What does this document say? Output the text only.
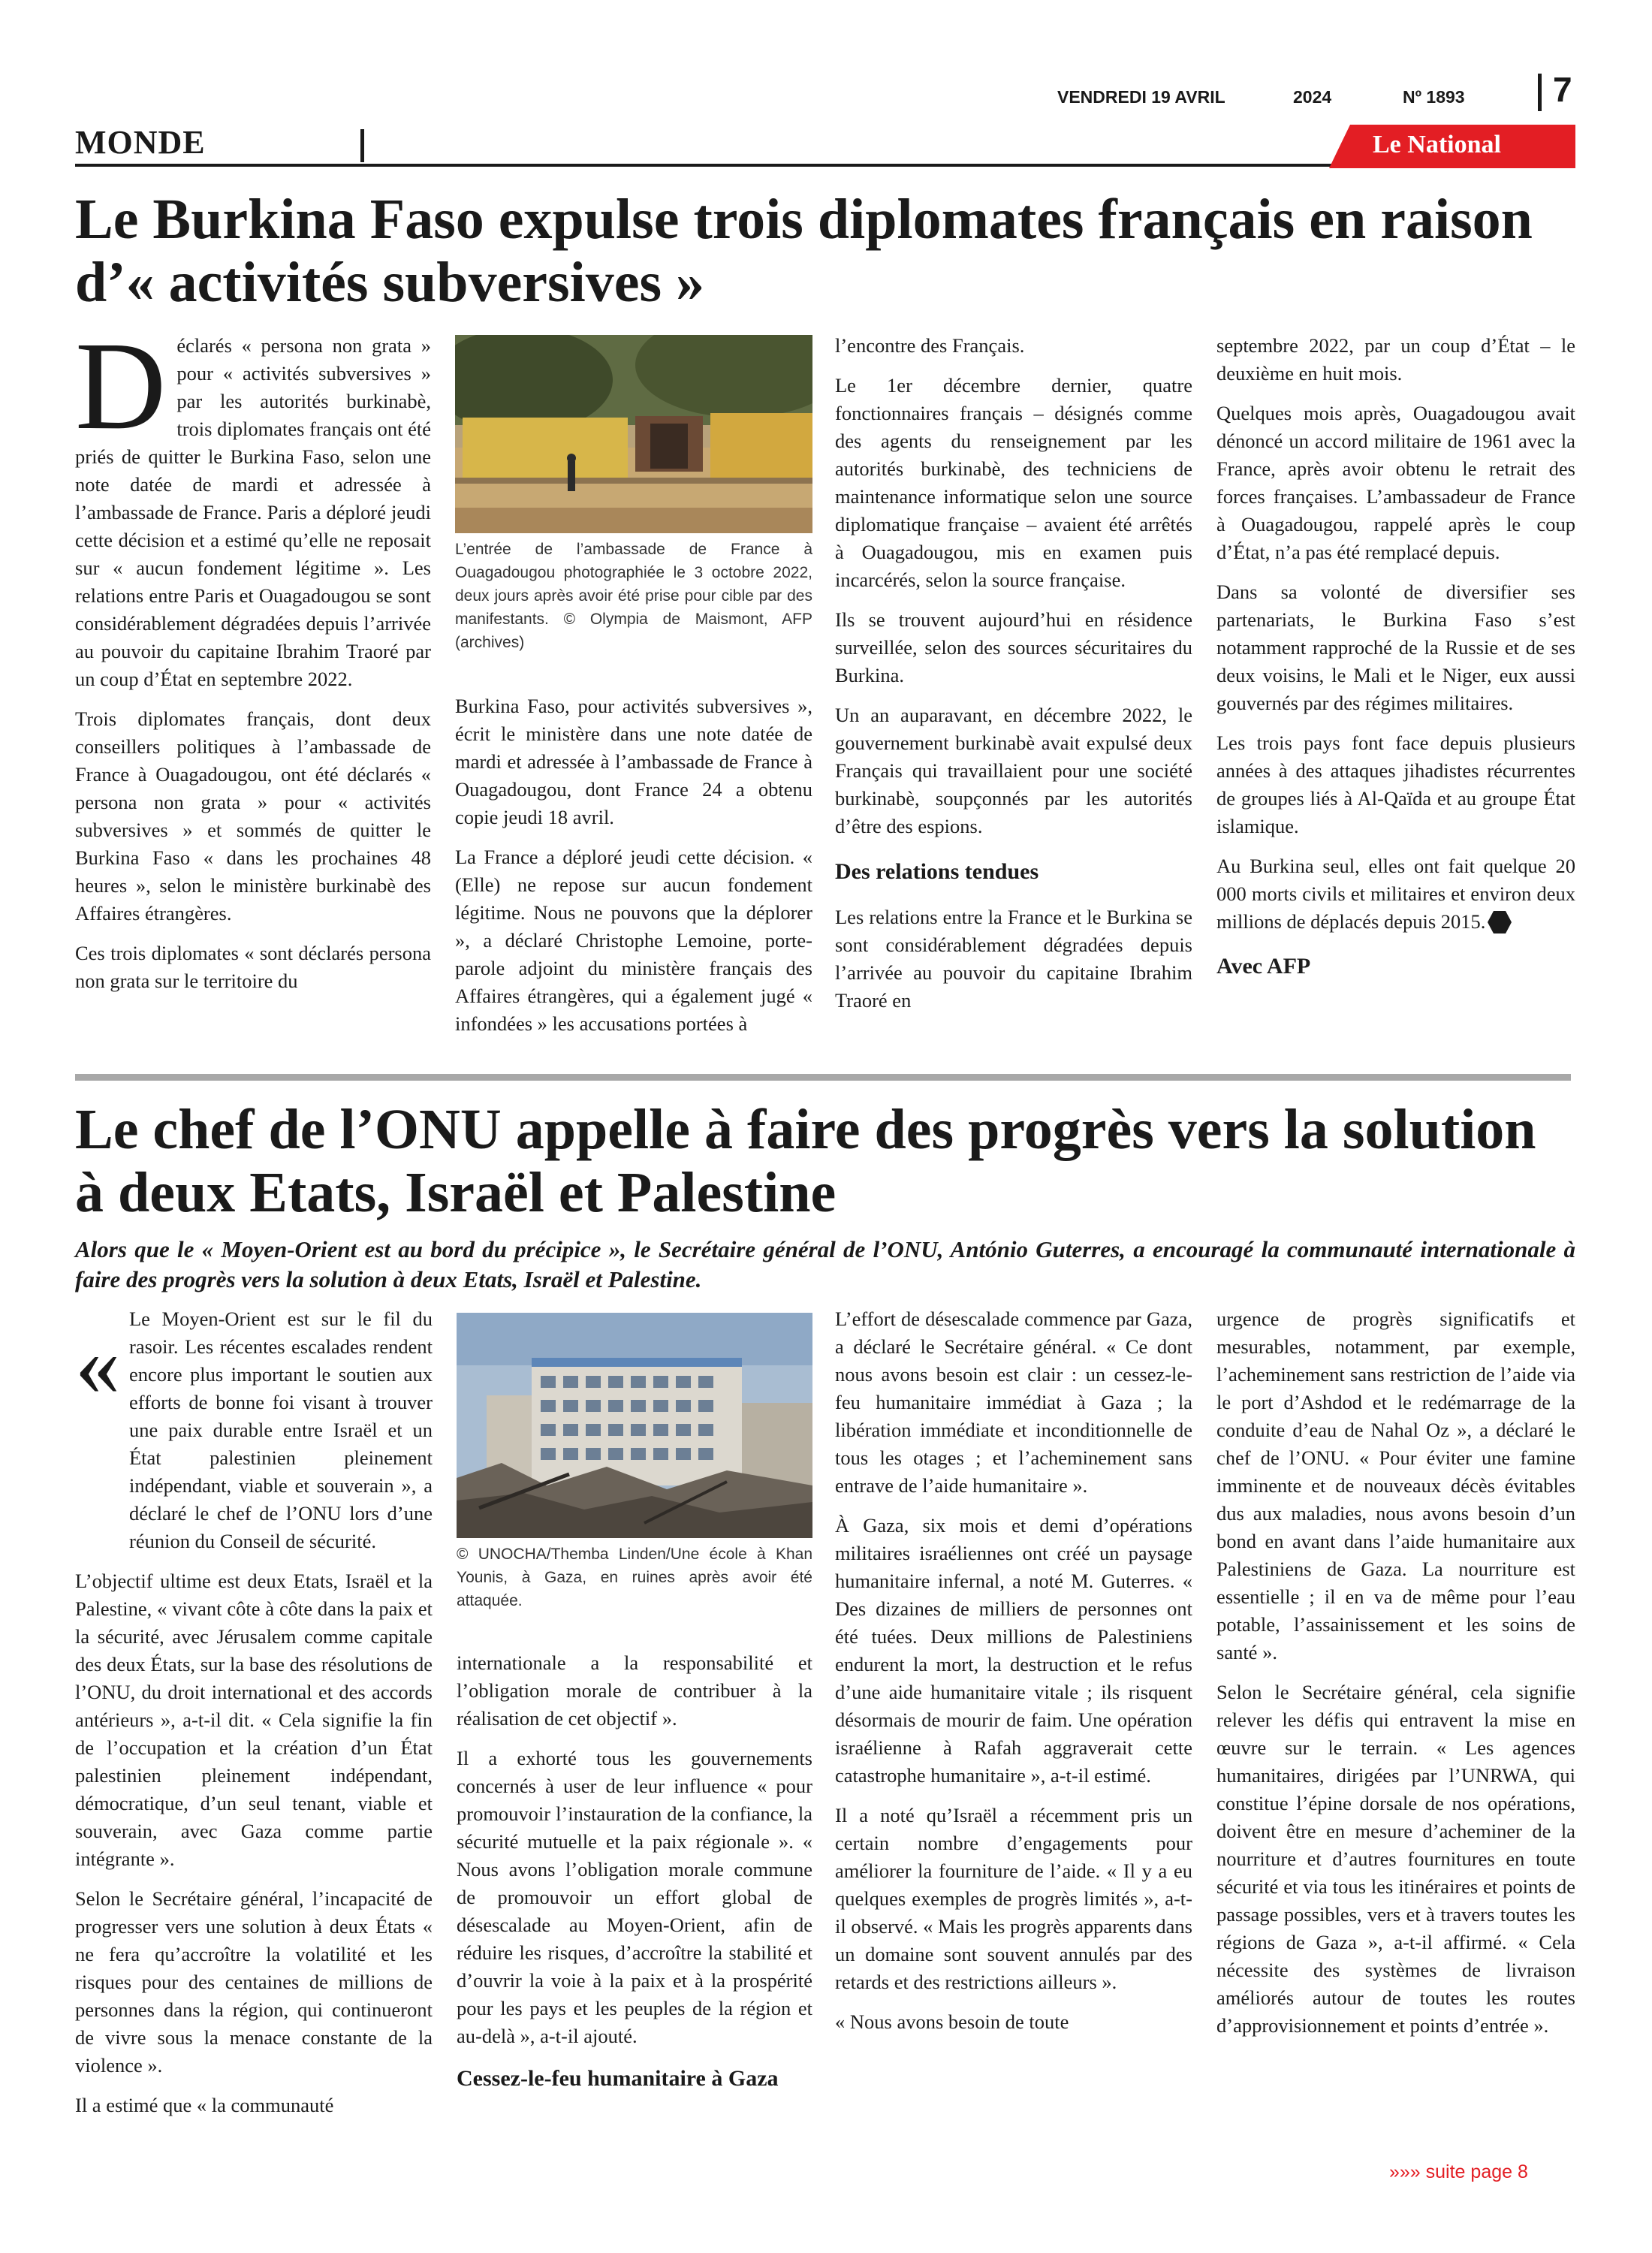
VENDREDI 19 AVRIL	2024	Nº 1893	7
MONDE	Le National
Le Burkina Faso expulse trois diplomates français en raison
d’« activités subversives »
D éclarés « persona non grata » pour « activités subversives » par les autorités burkinabè, trois diplomates français ont été priés de quitter le Burkina Faso, selon une note datée de mardi et adressée à l’ambassade de France. Paris a déploré jeudi cette décision et a estimé qu’elle ne reposait sur « aucun fondement légitime ». Les relations entre Paris et Ouagadougou se sont considérablement dégradées depuis l’arrivée au pouvoir du capitaine Ibrahim Traoré par un coup d’État en septembre 2022.

Trois diplomates français, dont deux conseillers politiques à l’ambassade de France à Ouagadougou, ont été déclarés « persona non grata » pour « activités subversives » et sommés de quitter le Burkina Faso « dans les prochaines 48 heures », selon le ministère burkinabè des Affaires étrangères.

Ces trois diplomates « sont déclarés persona non grata sur le territoire du

L’entrée de l’ambassade de France à Ouagadougou photographiée le 3 octobre 2022, deux jours après avoir été prise pour cible par des manifestants. © Olympia de Maismont, AFP (archives)

Burkina Faso, pour activités subversives », écrit le ministère dans une note datée de mardi et adressée à l’ambassade de France à Ouagadougou, dont France 24 a obtenu copie jeudi 18 avril.

La France a déploré jeudi cette décision. « (Elle) ne repose sur aucun fondement légitime. Nous ne pouvons que la déplorer », a déclaré Christophe Lemoine, porte-parole adjoint du ministère français des Affaires étrangères, qui a également jugé « infondées » les accusations portées à

l’encontre des Français.

Le 1er décembre dernier, quatre fonctionnaires français – désignés comme des agents du renseignement par les autorités burkinabè, des techniciens de maintenance informatique selon une source diplomatique française – avaient été arrêtés à Ouagadougou, mis en examen puis incarcérés, selon la source française.

Ils se trouvent aujourd’hui en résidence surveillée, selon des sources sécuritaires du Burkina.

Un an auparavant, en décembre 2022, le gouvernement burkinabè avait expulsé deux Français qui travaillaient pour une société burkinabè, soupçonnés par les autorités d’être des espions.

Des relations tendues

Les relations entre la France et le Burkina se sont considérablement dégradées depuis l’arrivée au pouvoir du capitaine Ibrahim Traoré en

septembre 2022, par un coup d’État – le deuxième en huit mois.

Quelques mois après, Ouagadougou avait dénoncé un accord militaire de 1961 avec la France, après avoir obtenu le retrait des forces françaises. L’ambassadeur de France à Ouagadougou, rappelé après le coup d’État, n’a pas été remplacé depuis.

Dans sa volonté de diversifier ses partenariats, le Burkina Faso s’est notamment rapproché de la Russie et de ses deux voisins, le Mali et le Niger, eux aussi gouvernés par des régimes militaires.

Les trois pays font face depuis plusieurs années à des attaques jihadistes récurrentes de groupes liés à Al-Qaïda et au groupe État islamique.

Au Burkina seul, elles ont fait quelque 20 000 morts civils et militaires et environ deux millions de déplacés depuis 2015.

Avec AFP
Le chef de l’ONU appelle à faire des progrès vers la solution
à deux Etats, Israël et Palestine
Alors que le « Moyen-Orient est au bord du précipice », le Secrétaire général de l’ONU, António Guterres, a encouragé la communauté internationale à faire des progrès vers la solution à deux Etats, Israël et Palestine.

« Le Moyen-Orient est sur le fil du rasoir. Les récentes escalades rendent encore plus important le soutien aux efforts de bonne foi visant à trouver une paix durable entre Israël et un État palestinien pleinement indépendant, viable et souverain », a déclaré le chef de l’ONU lors d’une réunion du Conseil de sécurité.

L’objectif ultime est deux Etats, Israël et la Palestine, « vivant côte à côte dans la paix et la sécurité, avec Jérusalem comme capitale des deux États, sur la base des résolutions de l’ONU, du droit international et des accords antérieurs », a-t-il dit. « Cela signifie la fin de l’occupation et la création d’un État palestinien pleinement indépendant, démocratique, d’un seul tenant, viable et souverain, avec Gaza comme partie intégrante ».

Selon le Secrétaire général, l’incapacité de progresser vers une solution à deux États « ne fera qu’accroître la volatilité et les risques pour des centaines de millions de personnes dans la région, qui continueront de vivre sous la menace constante de la violence ».

Il a estimé que « la communauté

© UNOCHA/Themba Linden/Une école à Khan Younis, à Gaza, en ruines après avoir été attaquée.

internationale a la responsabilité et l’obligation morale de contribuer à la réalisation de cet objectif ».

Il a exhorté tous les gouvernements concernés à user de leur influence « pour promouvoir l’instauration de la confiance, la sécurité mutuelle et la paix régionale ». « Nous avons l’obligation morale commune de promouvoir un effort global de désescalade au Moyen-Orient, afin de réduire les risques, d’accroître la stabilité et d’ouvrir la voie à la paix et à la prospérité pour les pays et les peuples de la région et au-delà », a-t-il ajouté.

Cessez-le-feu humanitaire à Gaza

L’effort de désescalade commence par Gaza, a déclaré le Secrétaire général. « Ce dont nous avons besoin est clair : un cessez-le-feu humanitaire immédiat à Gaza ; la libération immédiate et inconditionnelle de tous les otages ; et l’acheminement sans entrave de l’aide humanitaire ».

À Gaza, six mois et demi d’opérations militaires israéliennes ont créé un paysage humanitaire infernal, a noté M. Guterres. « Des dizaines de milliers de personnes ont été tuées. Deux millions de Palestiniens endurent la mort, la destruction et le refus d’une aide humanitaire vitale ; ils risquent désormais de mourir de faim. Une opération israélienne à Rafah aggraverait cette catastrophe humanitaire », a-t-il estimé.

Il a noté qu’Israël a récemment pris un certain nombre d’engagements pour améliorer la fourniture de l’aide. « Il y a eu quelques exemples de progrès limités », a-t-il observé. « Mais les progrès apparents dans un domaine sont souvent annulés par des retards et des restrictions ailleurs ».

« Nous avons besoin de toute

urgence de progrès significatifs et mesurables, notamment, par exemple, l’acheminement sans restriction de l’aide via le port d’Ashdod et le redémarrage de la conduite d’eau de Nahal Oz », a déclaré le chef de l’ONU. « Pour éviter une famine imminente et de nouveaux décès évitables dus aux maladies, nous avons besoin d’un bond en avant dans l’aide humanitaire aux Palestiniens de Gaza. La nourriture est essentielle ; il en va de même pour l’eau potable, l’assainissement et les soins de santé ».

Selon le Secrétaire général, cela signifie relever les défis qui entravent la mise en œuvre sur le terrain. « Les agences humanitaires, dirigées par l’UNRWA, qui constitue l’épine dorsale de nos opérations, doivent être en mesure d’acheminer de la nourriture et d’autres fournitures en toute sécurité et via tous les itinéraires et points de passage possibles, vers et à travers toutes les régions de Gaza », a-t-il affirmé. « Cela nécessite des systèmes de livraison améliorés autour de toutes les routes d’approvisionnement et points d’entrée ».

»»» suite page 8
